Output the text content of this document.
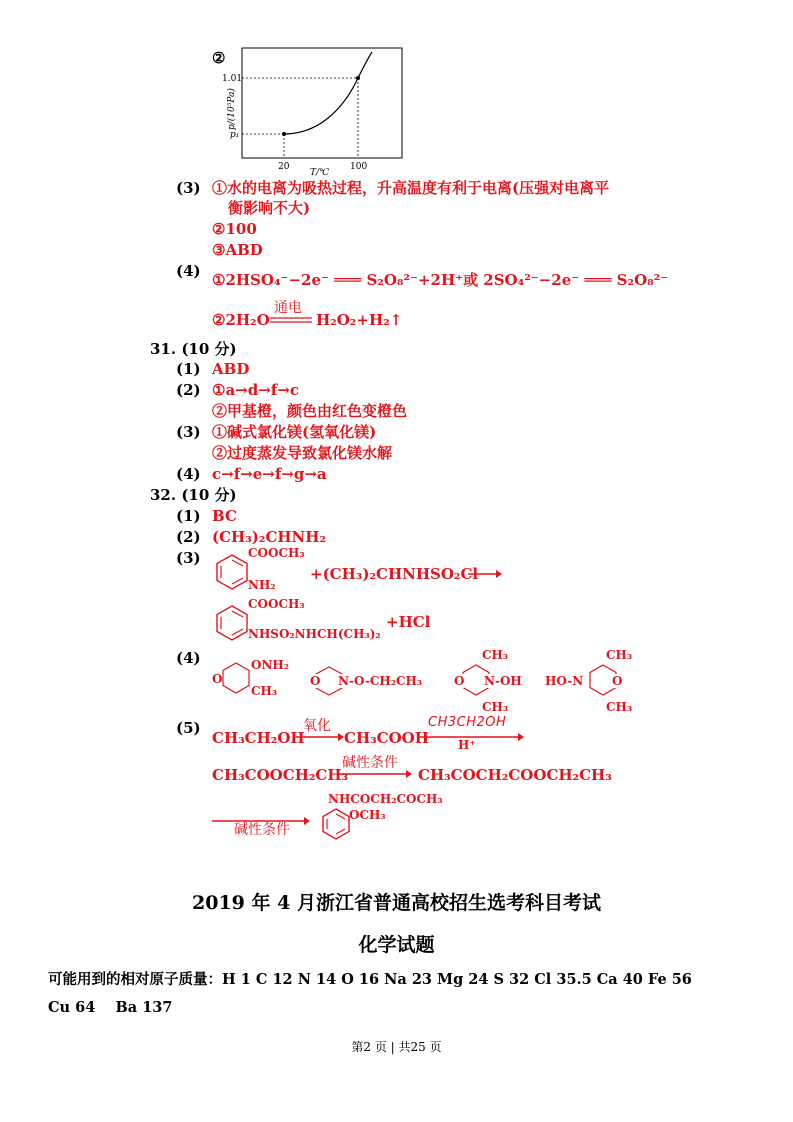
②
1.01
p₁
20	100
T/℃
p/(10⁵Pa)
(3) ①水的电离为吸热过程，升高温度有利于电离(压强对电离平
衡影响不大)
②100
③ABD
(4) ①2HSO₄⁻−2e⁻ ═══ S₂O₈²⁻+2H⁺或 2SO₄²⁻−2e⁻ ═══ S₂O₈²⁻
②2H₂O
通电
H₂O₂+H₂↑
31. (10 分)
(1) ABD
(2) ①a→d→f→c
②甲基橙，颜色由红色变橙色
(3) ①碱式氯化镁(氢氧化镁)
②过度蒸发导致氯化镁水解
(4) c→f→e→f→g→a
32. (10 分)
(1) BC
(2) (CH₃)₂CHNH₂
(3)	COOCH₃
NH₂
+(CH₃)₂CHNHSO₂Cl
COOCH₃
NHSO₂NHCH(CH₃)₂
+HCl
(4)
O
ONH₂
CH₃
O N-O-CH₂CH₃
CH₃
O N-OH
CH₃
HO-N O
CH₃
CH₃
(5)
CH₃CH₂OH
氧化
CH₃COOH
CH3CH2OH
H⁺
CH₃COOCH₂CH₃
碱性条件
CH₃COCH₂COOCH₂CH₃
碱性条件
NHCOCH₂COCH₃
OCH₃
2019 年 4 月浙江省普通高校招生选考科目考试
化学试题
可能用到的相对原子质量：H 1 C 12 N 14 O 16 Na 23 Mg 24 S 32 Cl 35.5 Ca 40 Fe 56
Cu 64    Ba 137
第2 页 | 共25 页
